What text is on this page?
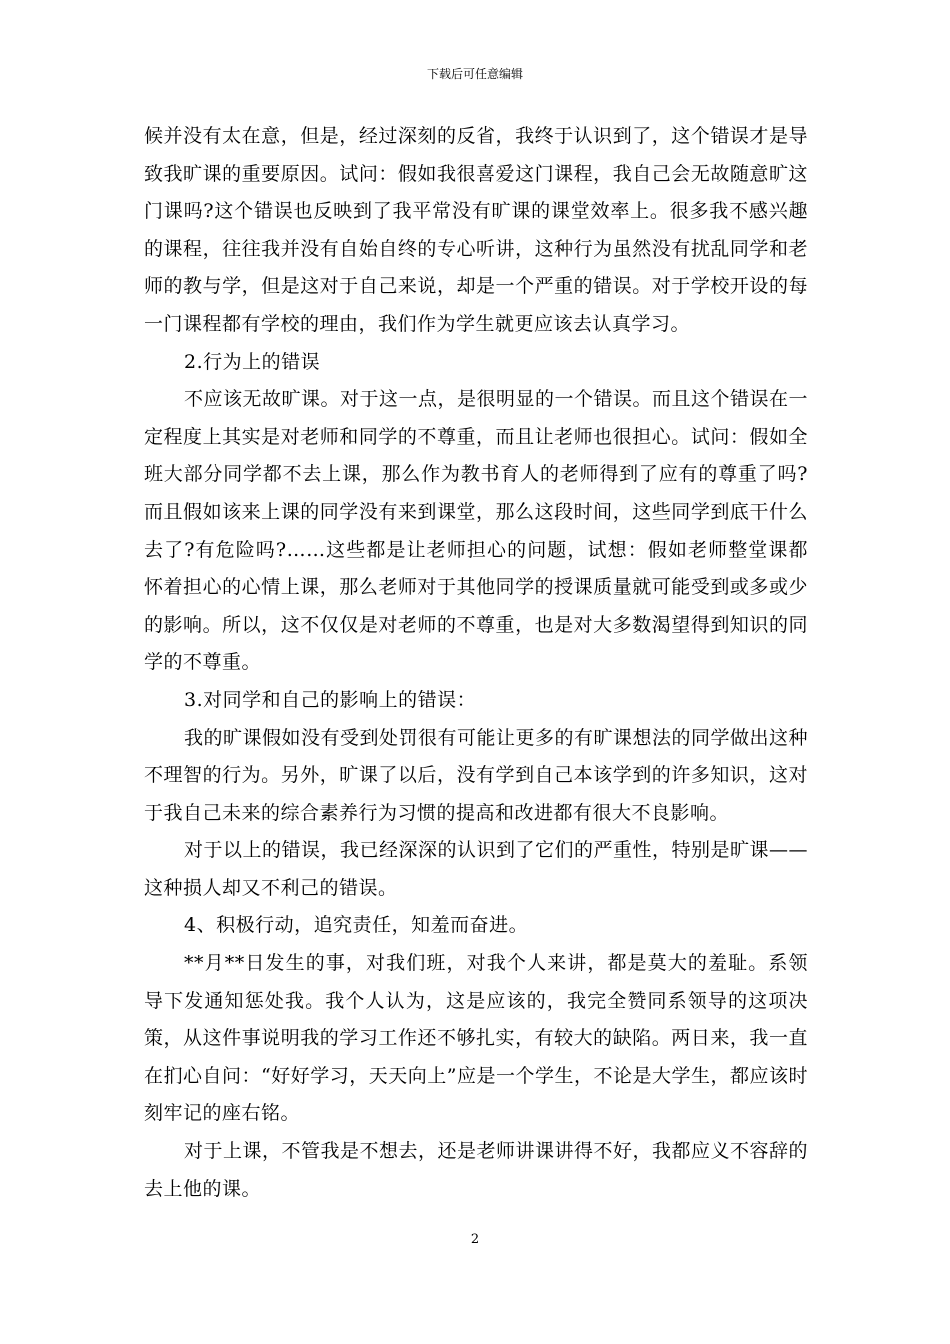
下载后可任意编辑

候并没有太在意，但是，经过深刻的反省，我终于认识到了，这个错误才是导致我旷课的重要原因。试问：假如我很喜爱这门课程，我自己会无故随意旷这门课吗?这个错误也反映到了我平常没有旷课的课堂效率上。很多我不感兴趣的课程，往往我并没有自始自终的专心听讲，这种行为虽然没有扰乱同学和老师的教与学，但是这对于自己来说，却是一个严重的错误。对于学校开设的每一门课程都有学校的理由，我们作为学生就更应该去认真学习。

2.行为上的错误

不应该无故旷课。对于这一点，是很明显的一个错误。而且这个错误在一定程度上其实是对老师和同学的不尊重，而且让老师也很担心。试问：假如全班大部分同学都不去上课，那么作为教书育人的老师得到了应有的尊重了吗?而且假如该来上课的同学没有来到课堂，那么这段时间，这些同学到底干什么去了?有危险吗?……这些都是让老师担心的问题，试想：假如老师整堂课都怀着担心的心情上课，那么老师对于其他同学的授课质量就可能受到或多或少的影响。所以，这不仅仅是对老师的不尊重，也是对大多数渴望得到知识的同学的不尊重。

3.对同学和自己的影响上的错误：

我的旷课假如没有受到处罚很有可能让更多的有旷课想法的同学做出这种不理智的行为。另外，旷课了以后，没有学到自己本该学到的许多知识，这对于我自己未来的综合素养行为习惯的提高和改进都有很大不良影响。

对于以上的错误，我已经深深的认识到了它们的严重性，特别是旷课——这种损人却又不利己的错误。

4、积极行动，追究责任，知羞而奋进。

**月**日发生的事，对我们班，对我个人来讲，都是莫大的羞耻。系领导下发通知惩处我。我个人认为，这是应该的，我完全赞同系领导的这项决策，从这件事说明我的学习工作还不够扎实，有较大的缺陷。两日来，我一直在扪心自问：“好好学习，天天向上”应是一个学生，不论是大学生，都应该时刻牢记的座右铭。

对于上课，不管我是不想去，还是老师讲课讲得不好，我都应义不容辞的去上他的课。

2
